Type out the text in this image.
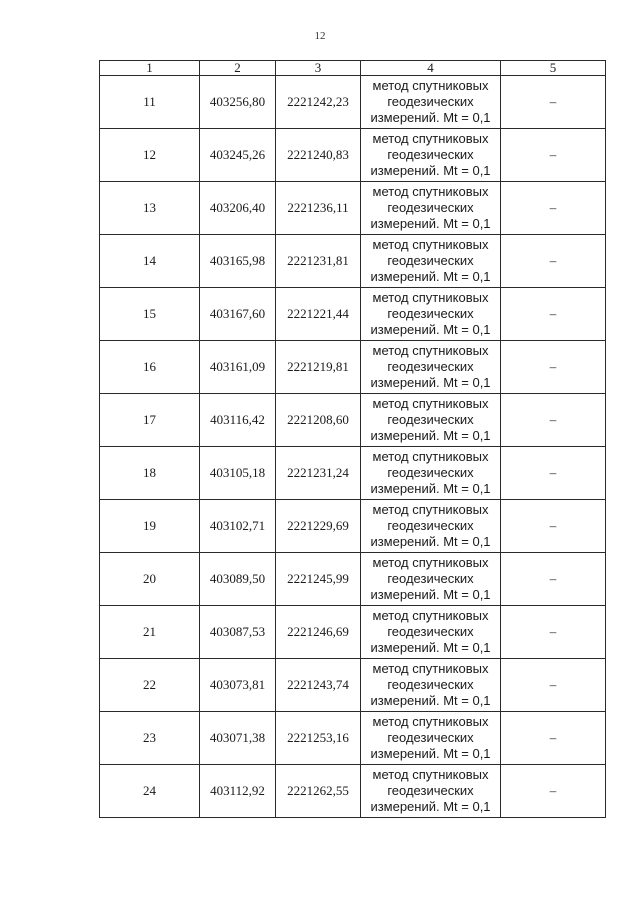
12
1	2	3	4	5
11	403256,80	2221242,23	метод спутниковых
геодезических
измерений. Mt = 0,1	–
12	403245,26	2221240,83	метод спутниковых
геодезических
измерений. Mt = 0,1	–
13	403206,40	2221236,11	метод спутниковых
геодезических
измерений. Mt = 0,1	–
14	403165,98	2221231,81	метод спутниковых
геодезических
измерений. Mt = 0,1	–
15	403167,60	2221221,44	метод спутниковых
геодезических
измерений. Mt = 0,1	–
16	403161,09	2221219,81	метод спутниковых
геодезических
измерений. Mt = 0,1	–
17	403116,42	2221208,60	метод спутниковых
геодезических
измерений. Mt = 0,1	–
18	403105,18	2221231,24	метод спутниковых
геодезических
измерений. Mt = 0,1	–
19	403102,71	2221229,69	метод спутниковых
геодезических
измерений. Mt = 0,1	–
20	403089,50	2221245,99	метод спутниковых
геодезических
измерений. Mt = 0,1	–
21	403087,53	2221246,69	метод спутниковых
геодезических
измерений. Mt = 0,1	–
22	403073,81	2221243,74	метод спутниковых
геодезических
измерений. Mt = 0,1	–
23	403071,38	2221253,16	метод спутниковых
геодезических
измерений. Mt = 0,1	–
24	403112,92	2221262,55	метод спутниковых
геодезических
измерений. Mt = 0,1	–
